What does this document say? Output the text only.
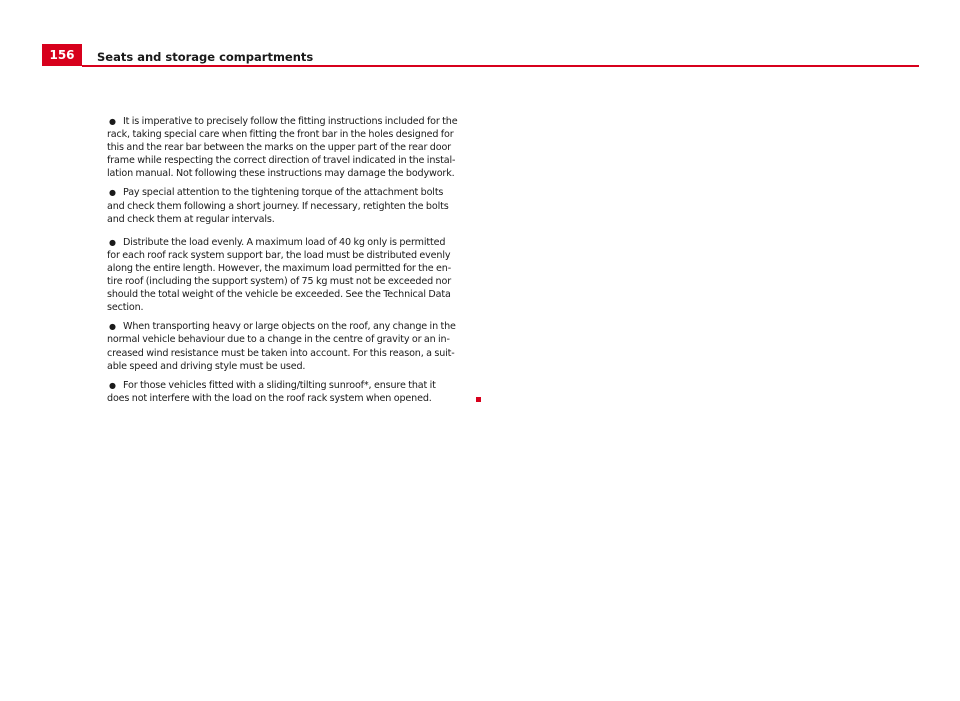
156	Seats and storage compartments
● It is imperative to precisely follow the fitting instructions included for the
rack, taking special care when fitting the front bar in the holes designed for
this and the rear bar between the marks on the upper part of the rear door
frame while respecting the correct direction of travel indicated in the instal-
lation manual. Not following these instructions may damage the bodywork.
● Pay special attention to the tightening torque of the attachment bolts
and check them following a short journey. If necessary, retighten the bolts
and check them at regular intervals.
● Distribute the load evenly. A maximum load of 40 kg only is permitted
for each roof rack system support bar, the load must be distributed evenly
along the entire length. However, the maximum load permitted for the en-
tire roof (including the support system) of 75 kg must not be exceeded nor
should the total weight of the vehicle be exceeded. See the Technical Data
section.
● When transporting heavy or large objects on the roof, any change in the
normal vehicle behaviour due to a change in the centre of gravity or an in-
creased wind resistance must be taken into account. For this reason, a suit-
able speed and driving style must be used.
● For those vehicles fitted with a sliding/tilting sunroof*, ensure that it
does not interfere with the load on the roof rack system when opened.
